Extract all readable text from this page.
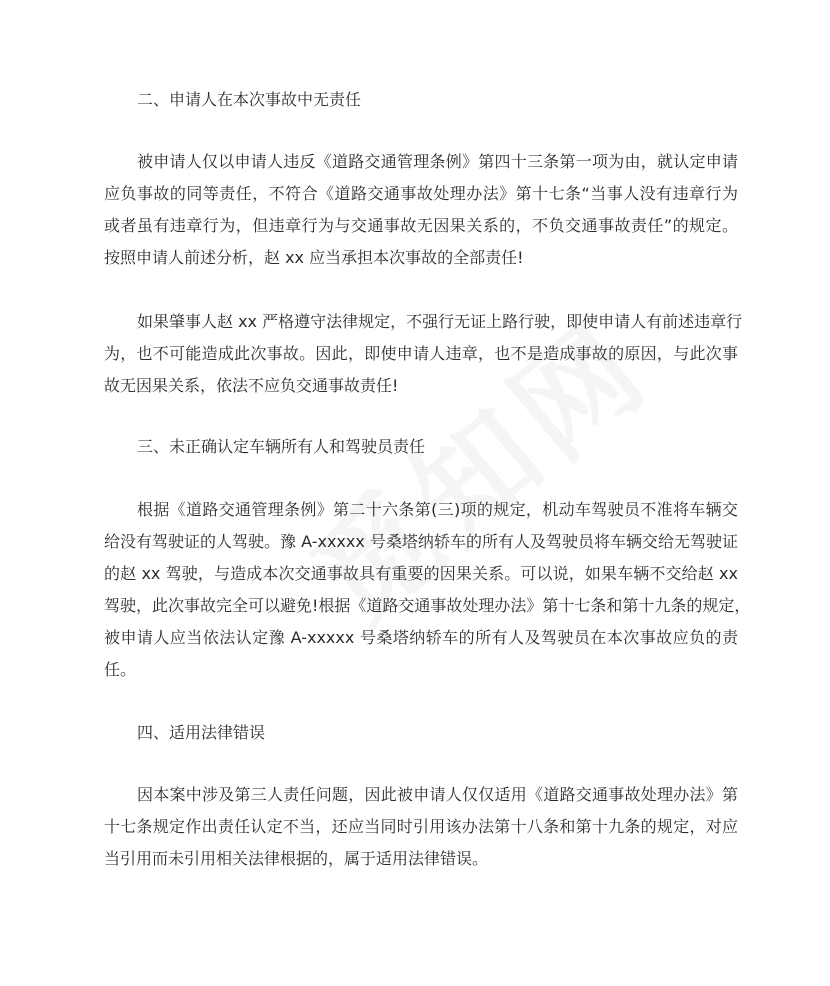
二、申请人在本次事故中无责任
被申请人仅以申请人违反《道路交通管理条例》第四十三条第一项为由，就认定申请
应负事故的同等责任，不符合《道路交通事故处理办法》第十七条“当事人没有违章行为
或者虽有违章行为，但违章行为与交通事故无因果关系的，不负交通事故责任”的规定。
按照申请人前述分析，赵 xx 应当承担本次事故的全部责任!
如果肇事人赵 xx 严格遵守法律规定，不强行无证上路行驶，即使申请人有前述违章行
为，也不可能造成此次事故。因此，即使申请人违章，也不是造成事故的原因，与此次事
故无因果关系，依法不应负交通事故责任!
三、未正确认定车辆所有人和驾驶员责任
根据《道路交通管理条例》第二十六条第(三)项的规定，机动车驾驶员不准将车辆交
给没有驾驶证的人驾驶。豫 A-xxxxx 号桑塔纳轿车的所有人及驾驶员将车辆交给无驾驶证
的赵 xx 驾驶，与造成本次交通事故具有重要的因果关系。可以说，如果车辆不交给赵 xx
驾驶，此次事故完全可以避免!根据《道路交通事故处理办法》第十七条和第十九条的规定，
被申请人应当依法认定豫 A-xxxxx 号桑塔纳轿车的所有人及驾驶员在本次事故应负的责
任。
四、适用法律错误
因本案中涉及第三人责任问题，因此被申请人仅仅适用《道路交通事故处理办法》第
十七条规定作出责任认定不当，还应当同时引用该办法第十八条和第十九条的规定，对应
当引用而未引用相关法律根据的，属于适用法律错误。
